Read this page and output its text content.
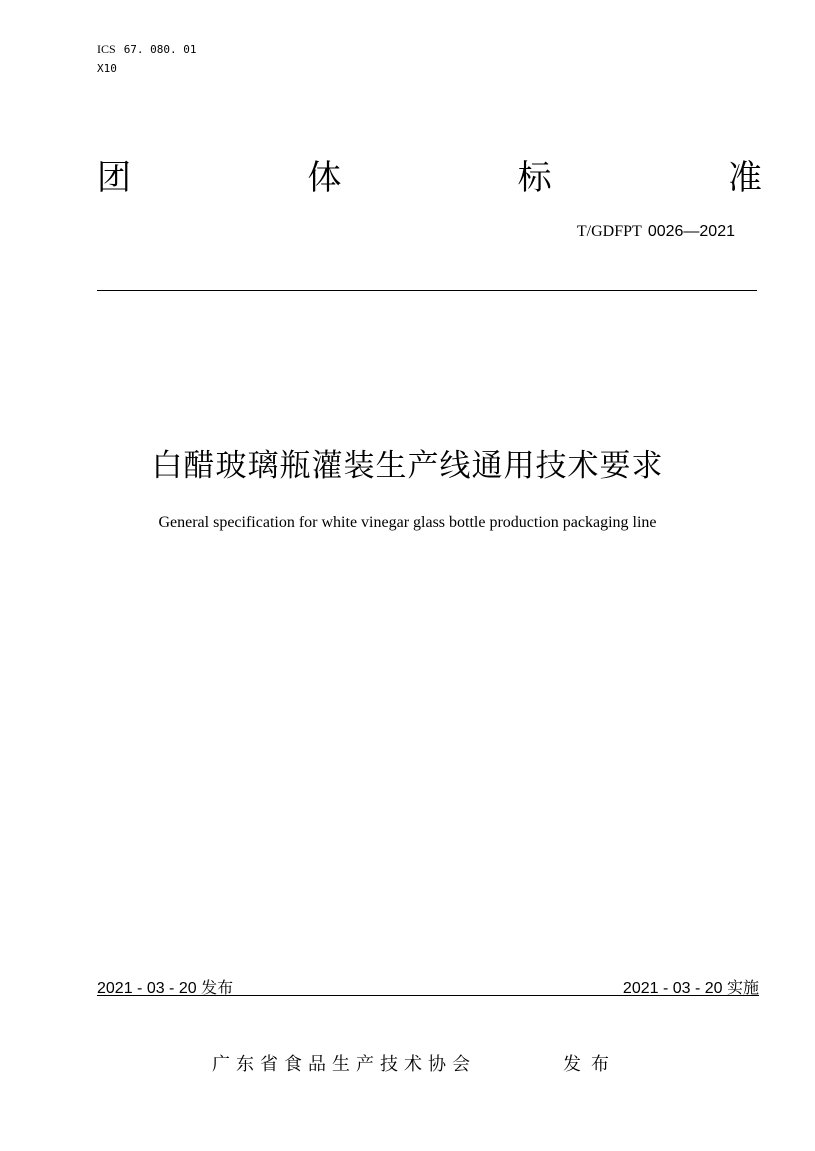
ICS 67. 080. 01
X10
团	体	标	准
T/GDFPT 0026—2021
白醋玻璃瓶灌装生产线通用技术要求
General specification for white vinegar glass bottle production packaging line
2021 - 03 - 20 发布	2021 - 03 - 20 实施
广东省食品生产技术协会	发布
